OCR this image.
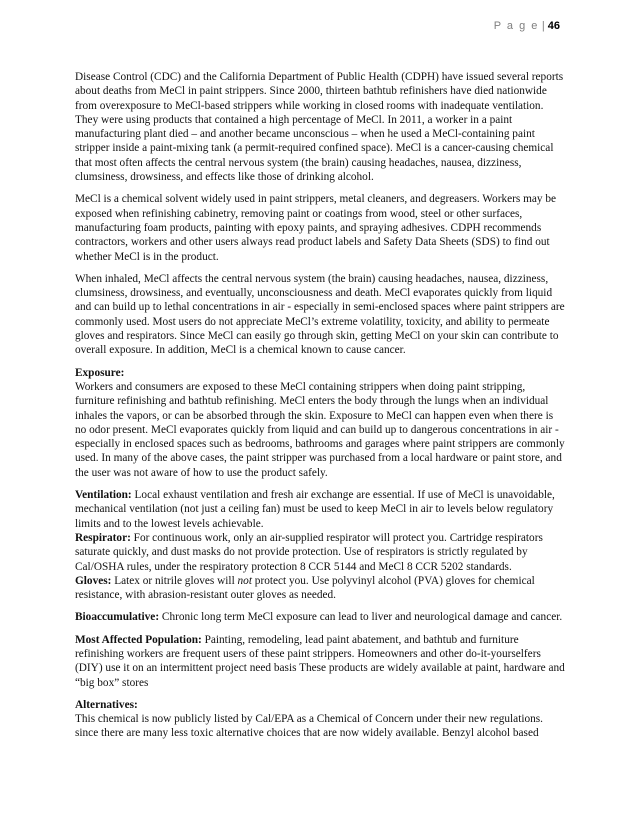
P a g e | 46

Disease Control (CDC) and the California Department of Public Health (CDPH) have issued several reports about deaths from MeCl in paint strippers. Since 2000, thirteen bathtub refinishers have died nationwide from overexposure to MeCl-based strippers while working in closed rooms with inadequate ventilation. They were using products that contained a high percentage of MeCl. In 2011, a worker in a paint manufacturing plant died – and another became unconscious – when he used a MeCl-containing paint stripper inside a paint-mixing tank (a permit-required confined space). MeCl is a cancer-causing chemical that most often affects the central nervous system (the brain) causing headaches, nausea, dizziness, clumsiness, drowsiness, and effects like those of drinking alcohol.

MeCl is a chemical solvent widely used in paint strippers, metal cleaners, and degreasers. Workers may be exposed when refinishing cabinetry, removing paint or coatings from wood, steel or other surfaces, manufacturing foam products, painting with epoxy paints, and spraying adhesives. CDPH recommends contractors, workers and other users always read product labels and Safety Data Sheets (SDS) to find out whether MeCl is in the product.

When inhaled, MeCl affects the central nervous system (the brain) causing headaches, nausea, dizziness, clumsiness, drowsiness, and eventually, unconsciousness and death. MeCl evaporates quickly from liquid and can build up to lethal concentrations in air - especially in semi-enclosed spaces where paint strippers are commonly used. Most users do not appreciate MeCl’s extreme volatility, toxicity, and ability to permeate gloves and respirators. Since MeCl can easily go through skin, getting MeCl on your skin can contribute to overall exposure. In addition, MeCl is a chemical known to cause cancer.

Exposure:
Workers and consumers are exposed to these MeCl containing strippers when doing paint stripping, furniture refinishing and bathtub refinishing. MeCl enters the body through the lungs when an individual inhales the vapors, or can be absorbed through the skin. Exposure to MeCl can happen even when there is no odor present. MeCl evaporates quickly from liquid and can build up to dangerous concentrations in air - especially in enclosed spaces such as bedrooms, bathrooms and garages where paint strippers are commonly used. In many of the above cases, the paint stripper was purchased from a local hardware or paint store, and the user was not aware of how to use the product safely.
Ventilation: Local exhaust ventilation and fresh air exchange are essential. If use of MeCl is unavoidable, mechanical ventilation (not just a ceiling fan) must be used to keep MeCl in air to levels below regulatory limits and to the lowest levels achievable.
Respirator: For continuous work, only an air-supplied respirator will protect you. Cartridge respirators saturate quickly, and dust masks do not provide protection. Use of respirators is strictly regulated by Cal/OSHA rules, under the respiratory protection 8 CCR 5144 and MeCl 8 CCR 5202 standards.
Gloves: Latex or nitrile gloves will not protect you. Use polyvinyl alcohol (PVA) gloves for chemical resistance, with abrasion-resistant outer gloves as needed.

Bioaccumulative: Chronic long term MeCl exposure can lead to liver and neurological damage and cancer.

Most Affected Population: Painting, remodeling, lead paint abatement, and bathtub and furniture refinishing workers are frequent users of these paint strippers. Homeowners and other do-it-yourselfers (DIY) use it on an intermittent project need basis These products are widely available at paint, hardware and “big box” stores

Alternatives:
This chemical is now publicly listed by Cal/EPA as a Chemical of Concern under their new regulations. since there are many less toxic alternative choices that are now widely available. Benzyl alcohol based
